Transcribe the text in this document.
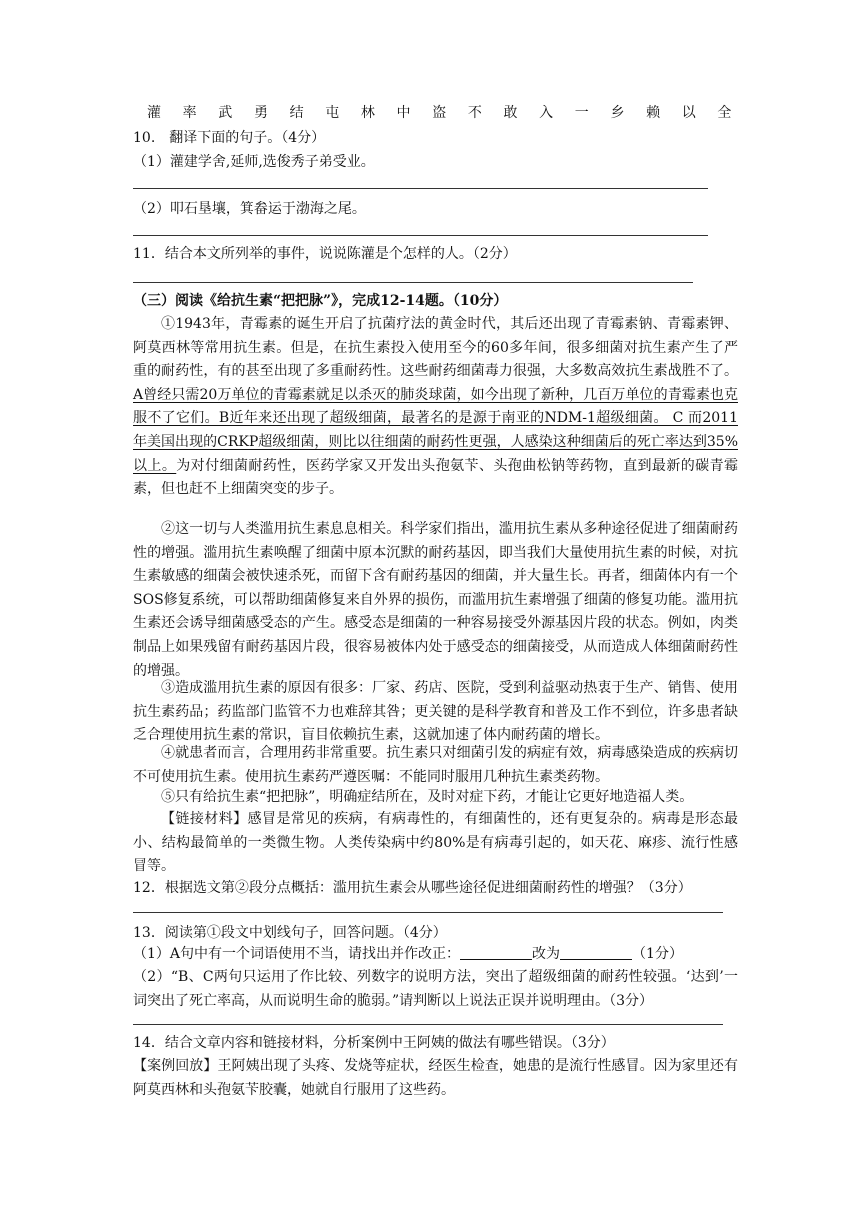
灌 率 武 勇 结 屯 林 中 盗 不 敢 入 一 乡 赖 以 全
10.　翻译下面的句子。（4分）
（1）灌建学舍,延师,选俊秀子弟受业。
（2）叩石垦壤，箕畚运于渤海之尾。
11．结合本文所列举的事件，说说陈灌是个怎样的人。（2分）
（三）阅读《给抗生素“把把脉”》，完成12-14题。（10分）
①1943年，青霉素的诞生开启了抗菌疗法的黄金时代，其后还出现了青霉素钠、青霉素钾、阿莫西林等常用抗生素。但是，在抗生素投入使用至今的60多年间，很多细菌对抗生素产生了严重的耐药性，有的甚至出现了多重耐药性。这些耐药细菌毒力很强，大多数高效抗生素战胜不了。A曾经只需20万单位的青霉素就足以杀灭的肺炎球菌，如今出现了新种，几百万单位的青霉素也克服不了它们。B近年来还出现了超级细菌，最著名的是源于南亚的NDM-1超级细菌。 C 而2011年美国出现的CRKP超级细菌，则比以往细菌的耐药性更强，人感染这种细菌后的死亡率达到35%以上。为对付细菌耐药性，医药学家又开发出头孢氨苄、头孢曲松钠等药物，直到最新的碳青霉素，但也赶不上细菌突变的步子。
②这一切与人类滥用抗生素息息相关。科学家们指出，滥用抗生素从多种途径促进了细菌耐药性的增强。滥用抗生素唤醒了细菌中原本沉默的耐药基因，即当我们大量使用抗生素的时候，对抗生素敏感的细菌会被快速杀死，而留下含有耐药基因的细菌，并大量生长。再者，细菌体内有一个SOS修复系统，可以帮助细菌修复来自外界的损伤，而滥用抗生素增强了细菌的修复功能。滥用抗生素还会诱导细菌感受态的产生。感受态是细菌的一种容易接受外源基因片段的状态。例如，肉类制品上如果残留有耐药基因片段，很容易被体内处于感受态的细菌接受，从而造成人体细菌耐药性的增强。
③造成滥用抗生素的原因有很多：厂家、药店、医院，受到利益驱动热衷于生产、销售、使用抗生素药品；药监部门监管不力也难辞其咎；更关键的是科学教育和普及工作不到位，许多患者缺乏合理使用抗生素的常识，盲目依赖抗生素，这就加速了体内耐药菌的增长。
④就患者而言，合理用药非常重要。抗生素只对细菌引发的病症有效，病毒感染造成的疾病切不可使用抗生素。使用抗生素药严遵医嘱：不能同时服用几种抗生素类药物。
⑤只有给抗生素“把把脉”，明确症结所在，及时对症下药，才能让它更好地造福人类。
【链接材料】感冒是常见的疾病，有病毒性的，有细菌性的，还有更复杂的。病毒是形态最小、结构最简单的一类微生物。人类传染病中约80%是有病毒引起的，如天花、麻疹、流行性感冒等。
12．根据选文第②段分点概括：滥用抗生素会从哪些途径促进细菌耐药性的增强？（3分）
13．阅读第①段文中划线句子，回答问题。（4分）
（1）A句中有一个词语使用不当，请找出并作改正：	改为	（1分）
（2）“B、C两句只运用了作比较、列数字的说明方法，突出了超级细菌的耐药性较强。‘达到’一词突出了死亡率高，从而说明生命的脆弱。”请判断以上说法正误并说明理由。（3分）
14．结合文章内容和链接材料，分析案例中王阿姨的做法有哪些错误。（3分）
【案例回放】王阿姨出现了头疼、发烧等症状，经医生检查，她患的是流行性感冒。因为家里还有阿莫西林和头孢氨苄胶囊，她就自行服用了这些药。
